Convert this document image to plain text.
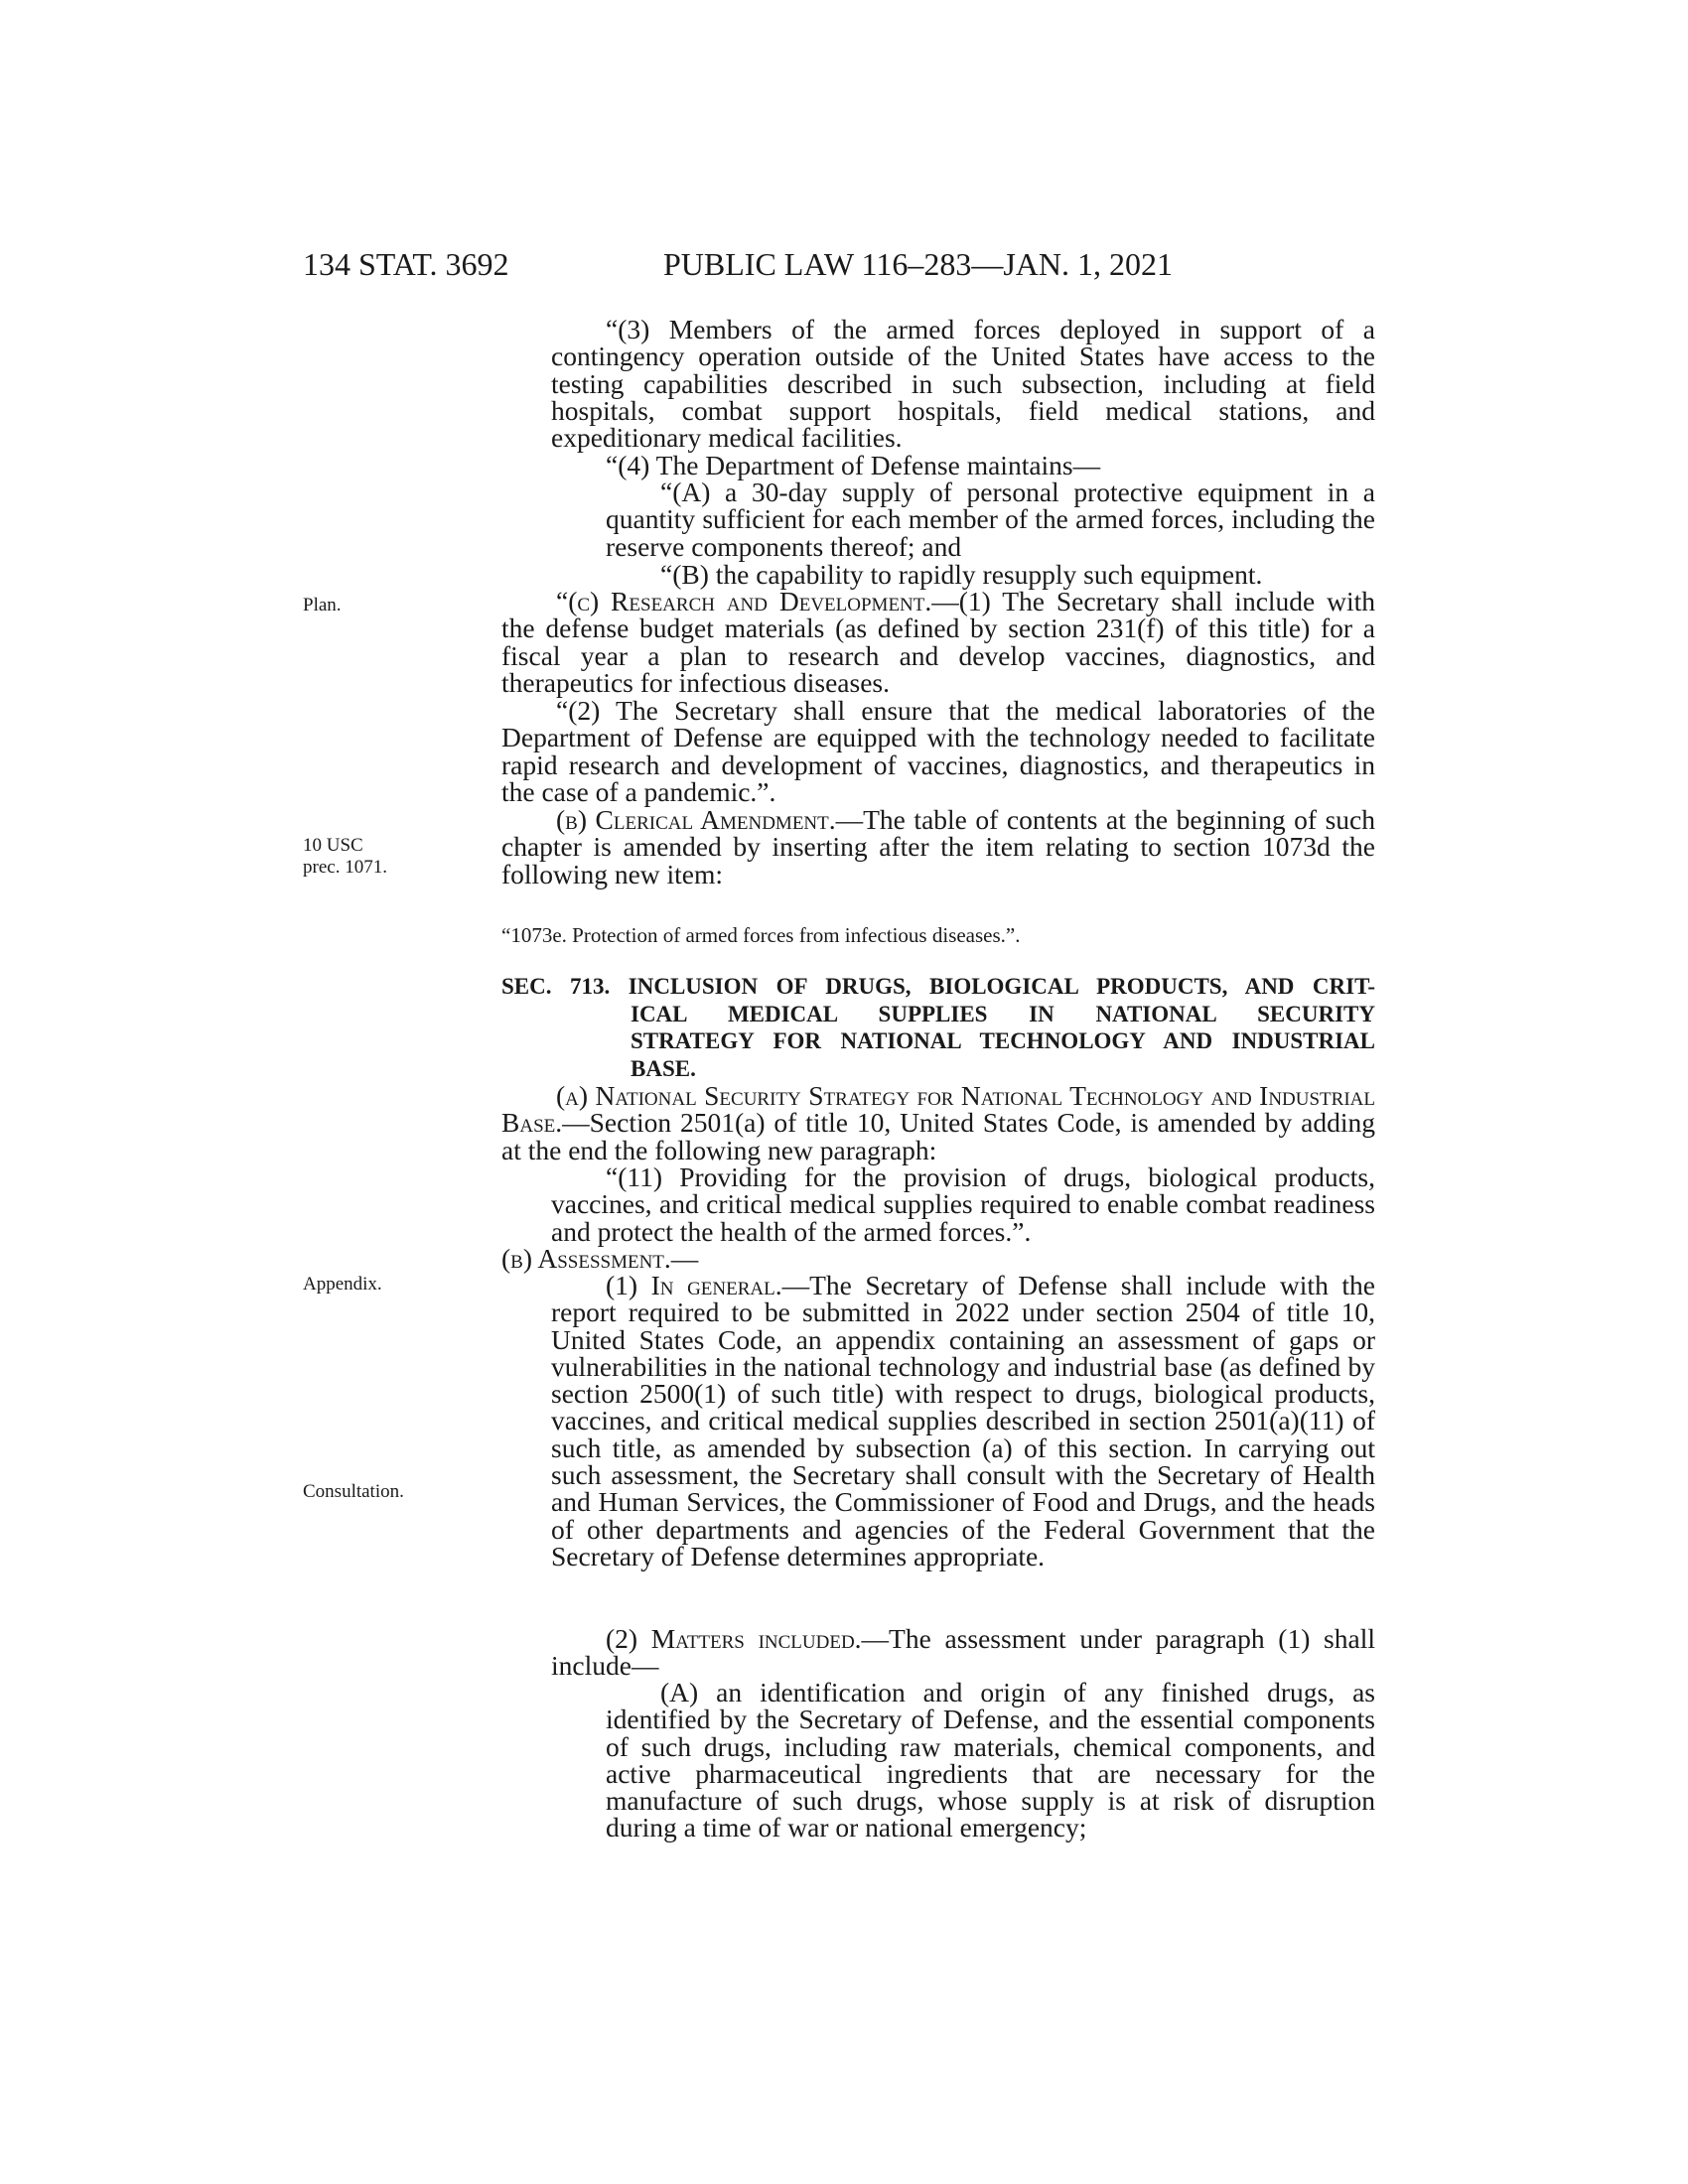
134 STAT. 3692	PUBLIC LAW 116–283—JAN. 1, 2021
Plan.
10 USC
prec. 1071.
Appendix.
Consultation.

“(3) Members of the armed forces deployed in support of a contingency operation outside of the United States have access to the testing capabilities described in such subsection, including at field hospitals, combat support hospitals, field medical stations, and expeditionary medical facilities.

“(4) The Department of Defense maintains—

“(A) a 30-day supply of personal protective equipment in a quantity sufficient for each member of the armed forces, including the reserve components thereof; and

“(B) the capability to rapidly resupply such equipment.

“(c) Research and Development.—(1) The Secretary shall include with the defense budget materials (as defined by section 231(f) of this title) for a fiscal year a plan to research and develop vaccines, diagnostics, and therapeutics for infectious diseases.

“(2) The Secretary shall ensure that the medical laboratories of the Department of Defense are equipped with the technology needed to facilitate rapid research and development of vaccines, diagnostics, and therapeutics in the case of a pandemic.”.

(b) Clerical Amendment.—The table of contents at the beginning of such chapter is amended by inserting after the item relating to section 1073d the following new item:

“1073e. Protection of armed forces from infectious diseases.”.
SEC. 713. INCLUSION OF DRUGS, BIOLOGICAL PRODUCTS, AND CRIT-
ICAL MEDICAL SUPPLIES IN NATIONAL SECURITY
STRATEGY FOR NATIONAL TECHNOLOGY AND INDUSTRIAL
BASE.

(a) National Security Strategy for National Technology and Industrial Base.—Section 2501(a) of title 10, United States Code, is amended by adding at the end the following new paragraph:

“(11) Providing for the provision of drugs, biological products, vaccines, and critical medical supplies required to enable combat readiness and protect the health of the armed forces.”.

(b) Assessment.—

(1) In general.—The Secretary of Defense shall include with the report required to be submitted in 2022 under section 2504 of title 10, United States Code, an appendix containing an assessment of gaps or vulnerabilities in the national technology and industrial base (as defined by section 2500(1) of such title) with respect to drugs, biological products, vaccines, and critical medical supplies described in section 2501(a)(11) of such title, as amended by subsection (a) of this section. In carrying out such assessment, the Secretary shall consult with the Secretary of Health and Human Services, the Commissioner of Food and Drugs, and the heads of other departments and agencies of the Federal Government that the Secretary of Defense determines appropriate.

(2) Matters included.—The assessment under paragraph (1) shall include—

(A) an identification and origin of any finished drugs, as identified by the Secretary of Defense, and the essential components of such drugs, including raw materials, chemical components, and active pharmaceutical ingredients that are necessary for the manufacture of such drugs, whose supply is at risk of disruption during a time of war or national emergency;
